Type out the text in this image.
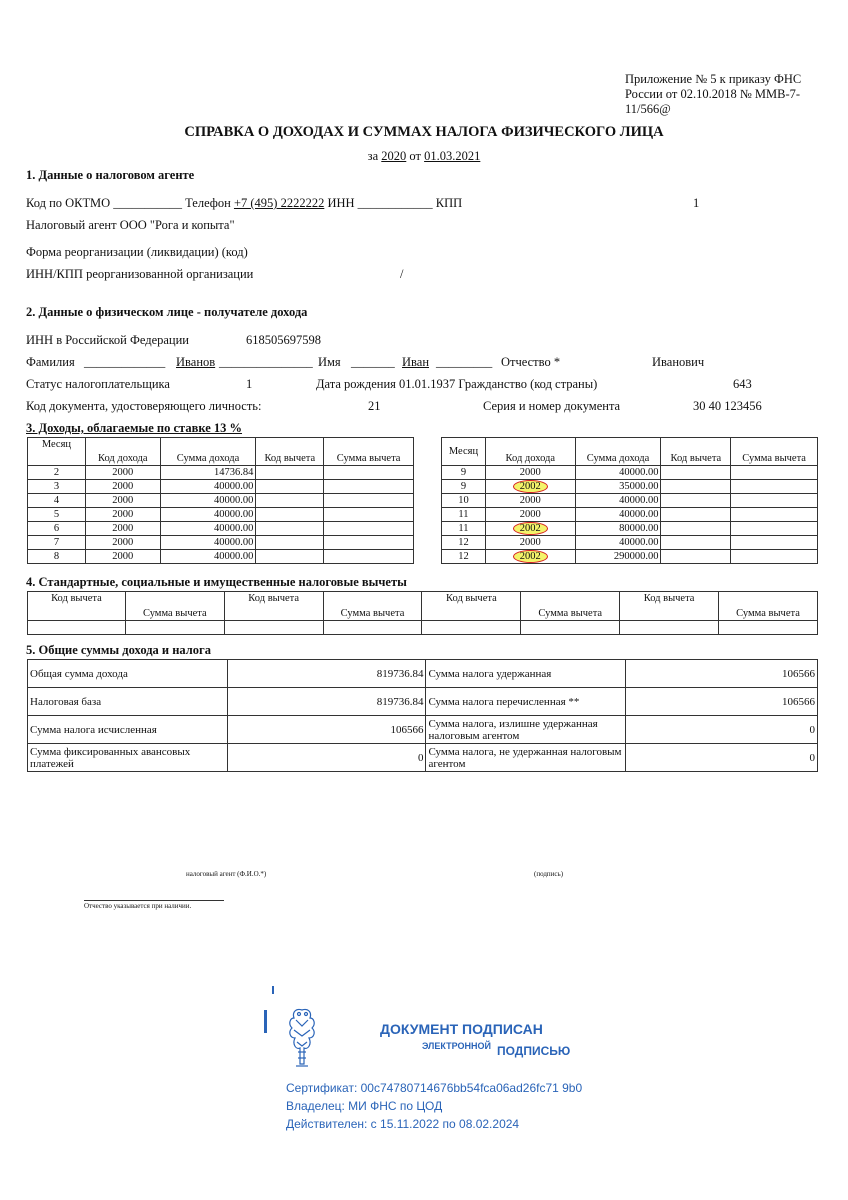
Приложение № 5 к приказу ФНС
России от 02.10.2018 № ММВ-7-
11/566@
СПРАВКА О ДОХОДАХ И СУММАХ НАЛОГА ФИЗИЧЕСКОГО ЛИЦА
за 2020 от 01.03.2021
1. Данные о налоговом агенте
Код по ОКТМО ___________ Телефон +7 (495) 2222222 ИНН ____________ КПП	1
Налоговый агент ООО "Рога и копыта"
Форма реорганизации (ликвидации) (код)
ИНН/КПП реорганизованной организации	/
2. Данные о физическом лице - получателе дохода
ИНН в Российской Федерации	618505697598
Фамилия _____________ Иванов _______________ Имя _______ Иван _________ Отчество *	Иванович
Статус налогоплательщика	1	Дата рождения 01.01.1937 Гражданство (код страны)	643
Код документа, удостоверяющего личность:	21	Серия и номер документа	30 40 123456
3. Доходы, облагаемые по ставке 13 %
Месяц	Код дохода	Сумма дохода	Код вычета	Сумма вычета
2	2000	14736.84		
3	2000	40000.00		
4	2000	40000.00		
5	2000	40000.00		
6	2000	40000.00		
7	2000	40000.00		
8	2000	40000.00		
Месяц	Код дохода	Сумма дохода	Код вычета	Сумма вычета
9	2000	40000.00		
9	2002	35000.00		
10	2000	40000.00		
11	2000	40000.00		
11	2002	80000.00		
12	2000	40000.00		
12	2002	290000.00		
4. Стандартные, социальные и имущественные налоговые вычеты
Код вычета	Сумма вычета	Код вычета	Сумма вычета	Код вычета	Сумма вычета	Код вычета	Сумма вычета

5. Общие суммы дохода и налога
Общая сумма дохода	819736.84	Сумма налога удержанная	106566
Налоговая база	819736.84	Сумма налога перечисленная **	106566
Сумма налога исчисленная	106566	Сумма налога, излишне удержанная налоговым агентом	0
Сумма фиксированных авансовых платежей	0	Сумма налога, не удержанная налоговым агентом	0
налоговый агент (Ф.И.О.*)	(подпись)
Отчество указывается при наличии.
ДОКУМЕНТ ПОДПИСАН
ЭЛЕКТРОННОЙ ПОДПИСЬЮ
Сертификат: 00c74780714676bb54fca06ad26fc71 9b0
Владелец: МИ ФНС по ЦОД
Действителен: с 15.11.2022 по 08.02.2024
